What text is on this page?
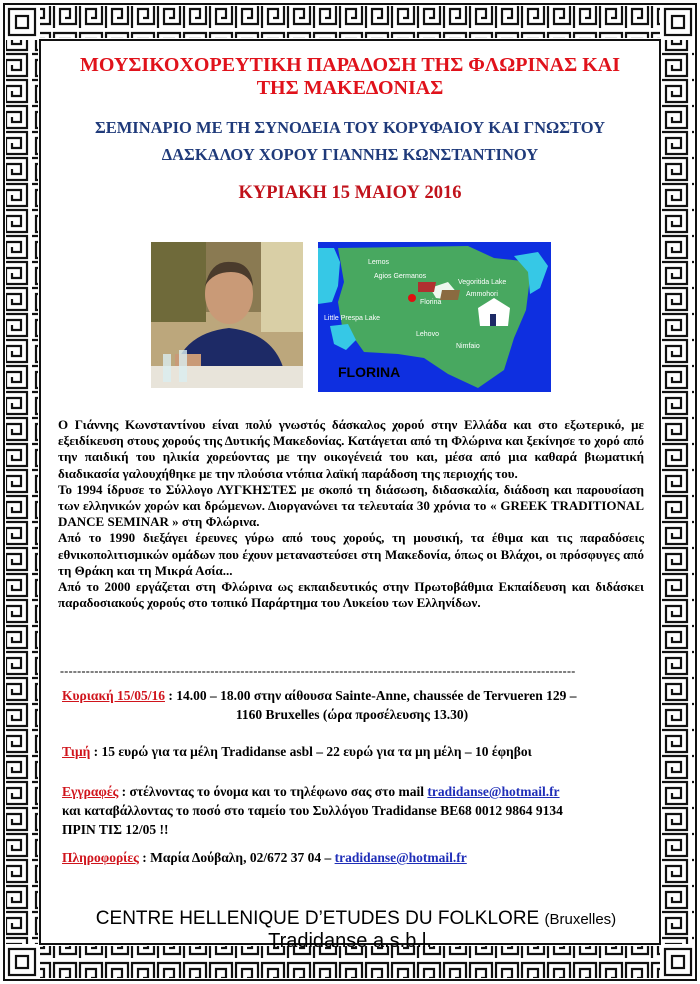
ΜΟΥΣΙΚΟΧΟΡΕΥΤΙΚΗ ΠΑΡΑΔΟΣΗ ΤΗΣ ΦΛΩΡΙΝΑΣ ΚΑΙ
ΤΗΣ ΜΑΚΕΔΟΝΙΑΣ
ΣΕΜΙΝΑΡΙΟ ΜΕ ΤΗ ΣΥΝΟΔΕΙΑ ΤΟΥ ΚΟΡΥΦΑΙΟΥ ΚΑΙ ΓΝΩΣΤΟΥ
ΔΑΣΚΑΛΟΥ ΧΟΡΟΥ ΓΙΑΝΝΗΣ ΚΩΝΣΤΑΝΤΙΝΟΥ
ΚΥΡΙΑΚΗ 15 ΜΑΙΟΥ 2016
Lemos
Agios Germanos
Vegoritida Lake
Ammohori
Florina
Little Prespa Lake
Lehovo
Nimfaio
FLORINA

Ο Γιάννης Κωνσταντίνου είναι πολύ γνωστός δάσκαλος χορού στην Ελλάδα και στο εξωτερικό, με εξειδίκευση στους χορούς της Δυτικής Μακεδονίας. Κατάγεται από τη Φλώρινα και ξεκίνησε το χορό από την παιδική του ηλικία χορεύοντας με την οικογένειά του και, μέσα από μια καθαρά βιωματική διαδικασία γαλουχήθηκε με την πλούσια ντόπια λαϊκή παράδοση της περιοχής του.

Το 1994 ίδρυσε το Σύλλογο ΛΥΓΚΗΣΤΕΣ με σκοπό τη διάσωση, διδασκαλία, διάδοση και παρουσίαση των ελληνικών χορών και δρώμενων. Διοργανώνει τα τελευταία 30 χρόνια το « GREEK TRADITIONAL DANCE SEMINAR » στη Φλώρινα.

Από το 1990 διεξάγει έρευνες γύρω από τους χορούς, τη μουσική, τα έθιμα και τις παραδόσεις εθνικοπολιτισμικών ομάδων που έχουν μεταναστεύσει στη Μακεδονία, όπως οι Βλάχοι, οι πρόσφυγες από τη Θράκη και τη Μικρά Ασία...

Από το 2000 εργάζεται στη Φλώρινα ως εκπαιδευτικός στην Πρωτοβάθμια Εκπαίδευση και διδάσκει παραδοσιακούς χορούς στο τοπικό Παράρτημα του Λυκείου των Ελληνίδων.

------------------------------------------------------------------------------------------------------------------------
Κυριακή 15/05/16 : 14.00 – 18.00 στην αίθουσα Sainte-Anne, chaussée de Tervueren 129 –
1160 Bruxelles (ώρα προσέλευσης 13.30)
Τιμή : 15 ευρώ για τα μέλη Tradidanse asbl – 22 ευρώ για τα μη μέλη – 10 έφηβοι
Εγγραφές : στέλνοντας το όνομα και το τηλέφωνο σας στο mail tradidanse@hotmail.fr
και καταβάλλοντας το ποσό στο ταμείο του Συλλόγου Tradidanse BE68 0012 9864 9134
ΠΡΙΝ ΤΙΣ 12/05 !!
Πληροφορίες : Μαρία Δούβαλη, 02/672 37 04 – tradidanse@hotmail.fr
CENTRE HELLENIQUE D’ETUDES DU FOLKLORE (Bruxelles)
Tradidanse a.s.b.l.
